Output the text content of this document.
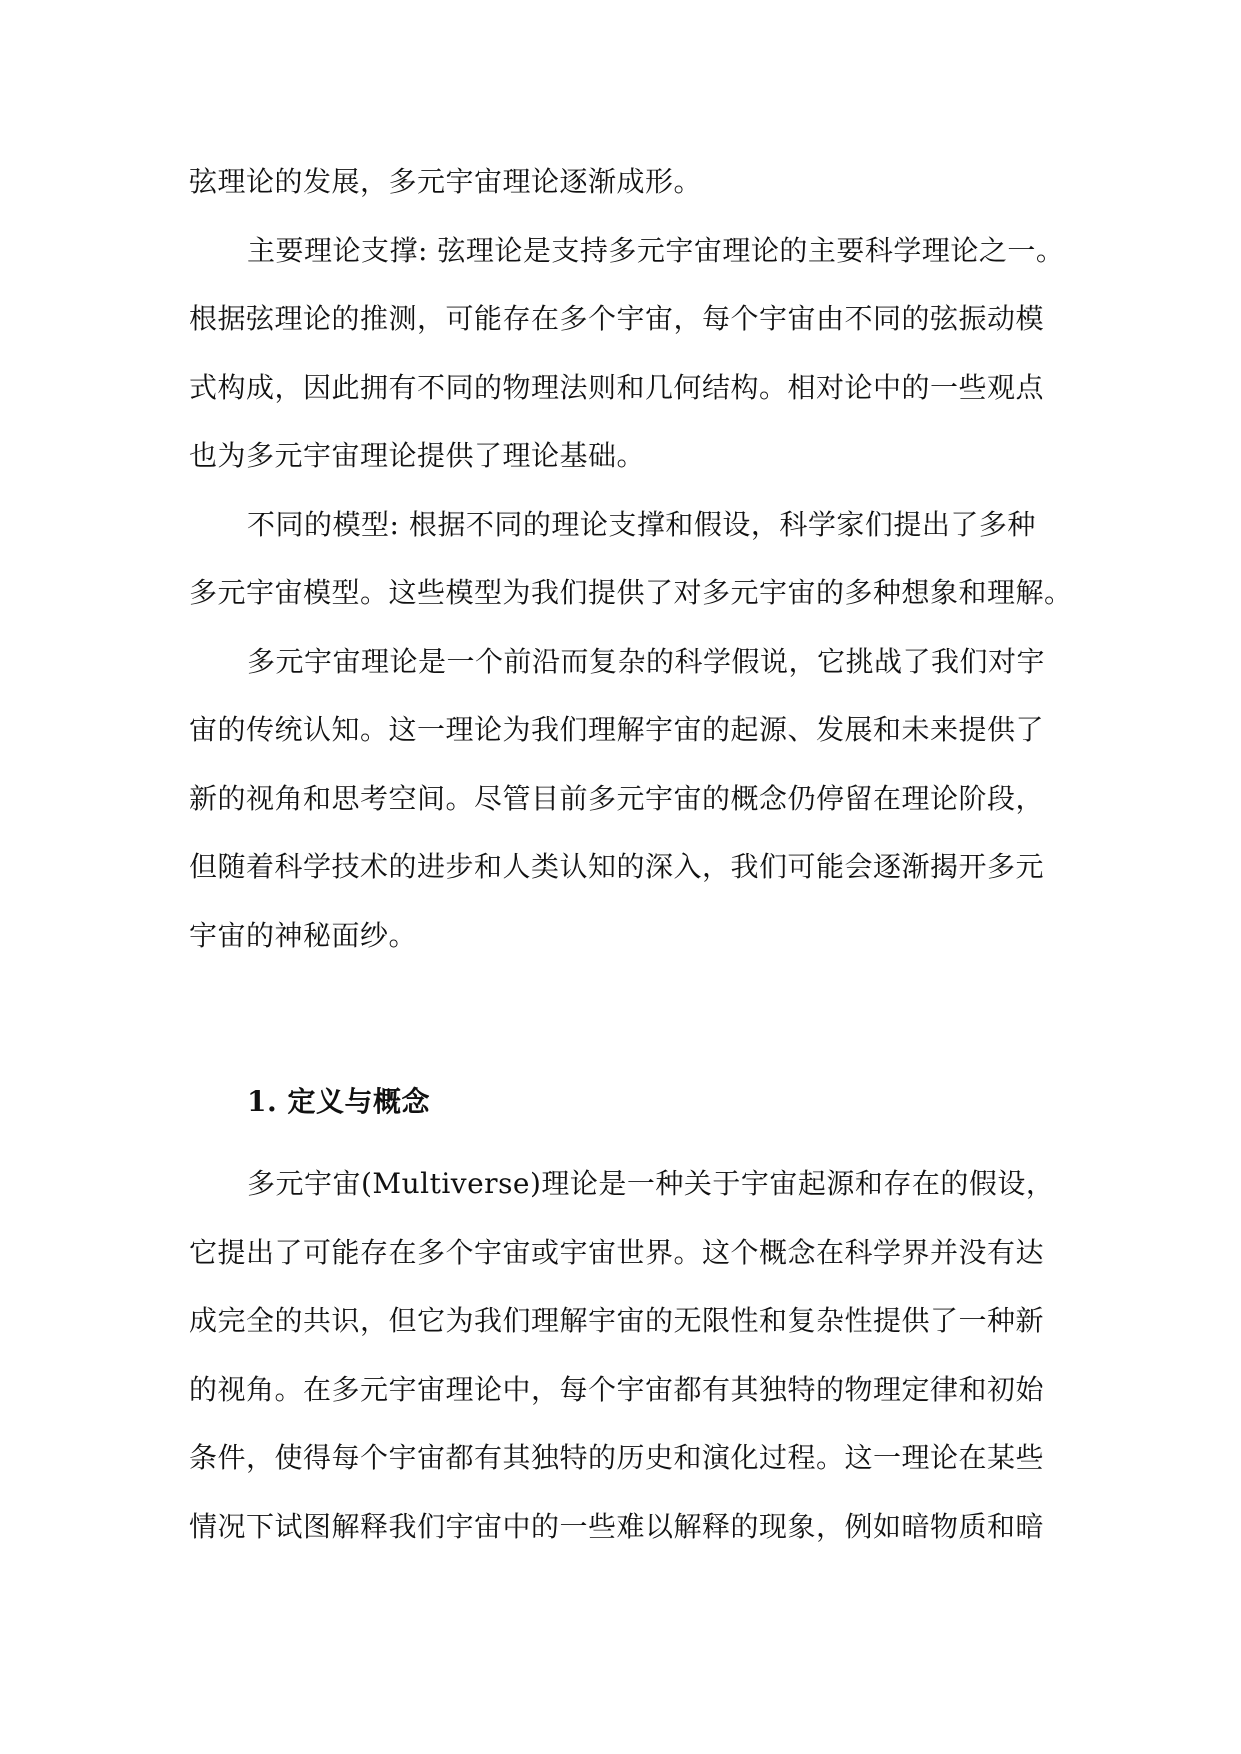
弦理论的发展，多元宇宙理论逐渐成形。
主要理论支撑: 弦理论是支持多元宇宙理论的主要科学理论之一。
根据弦理论的推测，可能存在多个宇宙，每个宇宙由不同的弦振动模
式构成，因此拥有不同的物理法则和几何结构。相对论中的一些观点
也为多元宇宙理论提供了理论基础。
不同的模型: 根据不同的理论支撑和假设，科学家们提出了多种
多元宇宙模型。这些模型为我们提供了对多元宇宙的多种想象和理解。
多元宇宙理论是一个前沿而复杂的科学假说，它挑战了我们对宇
宙的传统认知。这一理论为我们理解宇宙的起源、发展和未来提供了
新的视角和思考空间。尽管目前多元宇宙的概念仍停留在理论阶段，
但随着科学技术的进步和人类认知的深入，我们可能会逐渐揭开多元
宇宙的神秘面纱。
1. 定义与概念
多元宇宙(Multiverse)理论是一种关于宇宙起源和存在的假设，
它提出了可能存在多个宇宙或宇宙世界。这个概念在科学界并没有达
成完全的共识，但它为我们理解宇宙的无限性和复杂性提供了一种新
的视角。在多元宇宙理论中，每个宇宙都有其独特的物理定律和初始
条件，使得每个宇宙都有其独特的历史和演化过程。这一理论在某些
情况下试图解释我们宇宙中的一些难以解释的现象，例如暗物质和暗
